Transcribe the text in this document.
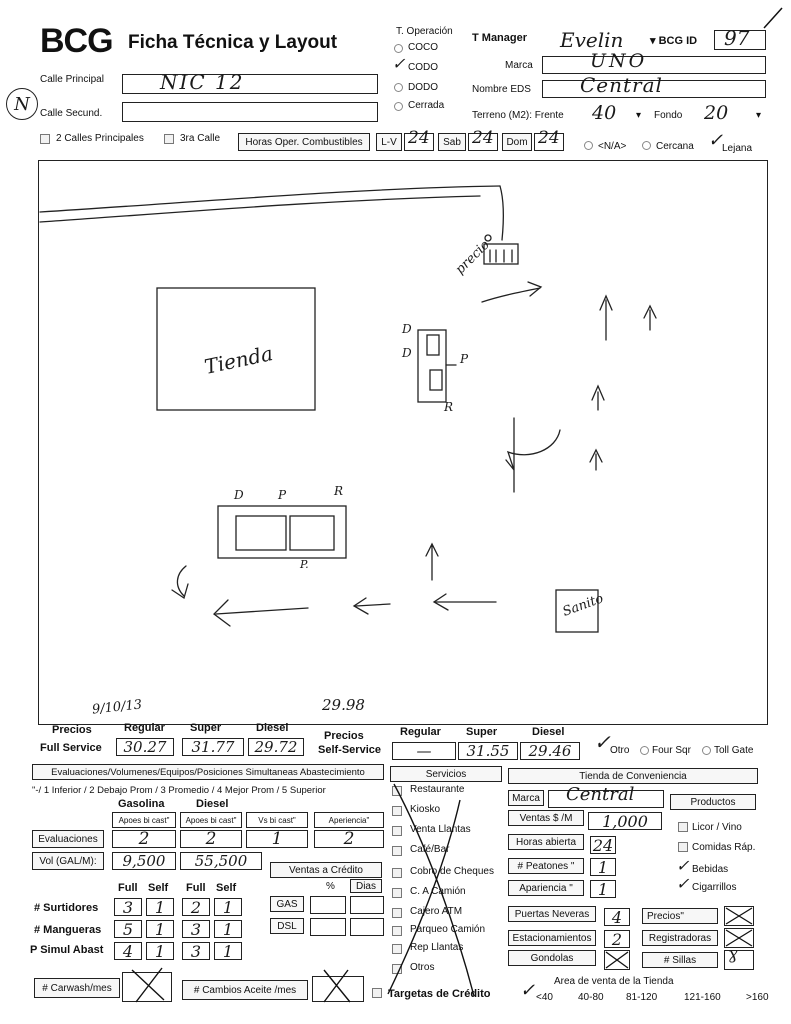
BCG Ficha Técnica y Layout
N
T. Operación
COCO
✓ CODO
DODO
Cerrada
T Manager Evelin ▾ BCG ID 97
Marca	UNO
Nombre EDS Central
Calle Principal	NIC 12
Calle Secund.	Terreno (M2): Frente 40 ▾ Fondo 20	▾
2 Calles Principales	3ra Calle	Horas Oper. Combustibles	L-V 24	Sab 24	Dom 24	<N/A>	Cercana ✓
Lejana
Tienda
precio
Sanito
D
D	P
R
D	P	R
P.
9/10/13	29.98
Precios
Full Service
Regular Super	Diesel
30.27	31.77	29.72
Precios
Self-Service
Regular Super	Diesel
—	31.55	29.46	✓ Otro Four Sqr Toll Gate
Evaluaciones/Volumenes/Equipos/Posiciones Simultaneas Abastecimiento
"-/ 1 Inferior / 2 Debajo Prom / 3 Promedio / 4 Mejor Prom / 5 Superior
Gasolina	Diesel
Apoes bi cast"	Apoes bi cast"	Vs bi cast"	Aperiencia"
Evaluaciones	2	2	1	2
Vol (GAL/M):	9,500	55,500	Ventas a Crédito
%	Dias
GAS
DSL
Full Self Full Self
# Surtidores	3	1	2	1
# Mangueras	5	1	3	1
P Simul Abast	4	1	3	1
# Carwash/mes	# Cambios Aceite /mes
Servicios
Restaurante
Kiosko
Venta Llantas
Café/Bar
Cobro de Cheques
C. A Camión
Cajero ATM
Parqueo Camión
Rep Llantas
Otros
Targetas de Crédito
Tienda de Conveniencia
Marca Central	Productos
Ventas $ /M	1,000
Horas abierta	24
# Peatones "	1
Apariencia "	1
Licor / Vino
Comidas Ráp.
✓ Bebidas
✓ Cigarrillos
Puertas Neveras	4
Estacionamientos	2
Gondolas
Precios"
Registradoras
# Sillas	ɣ
Area de venta de la Tienda
✓ <40	40-80 81-120	121-160	>160
